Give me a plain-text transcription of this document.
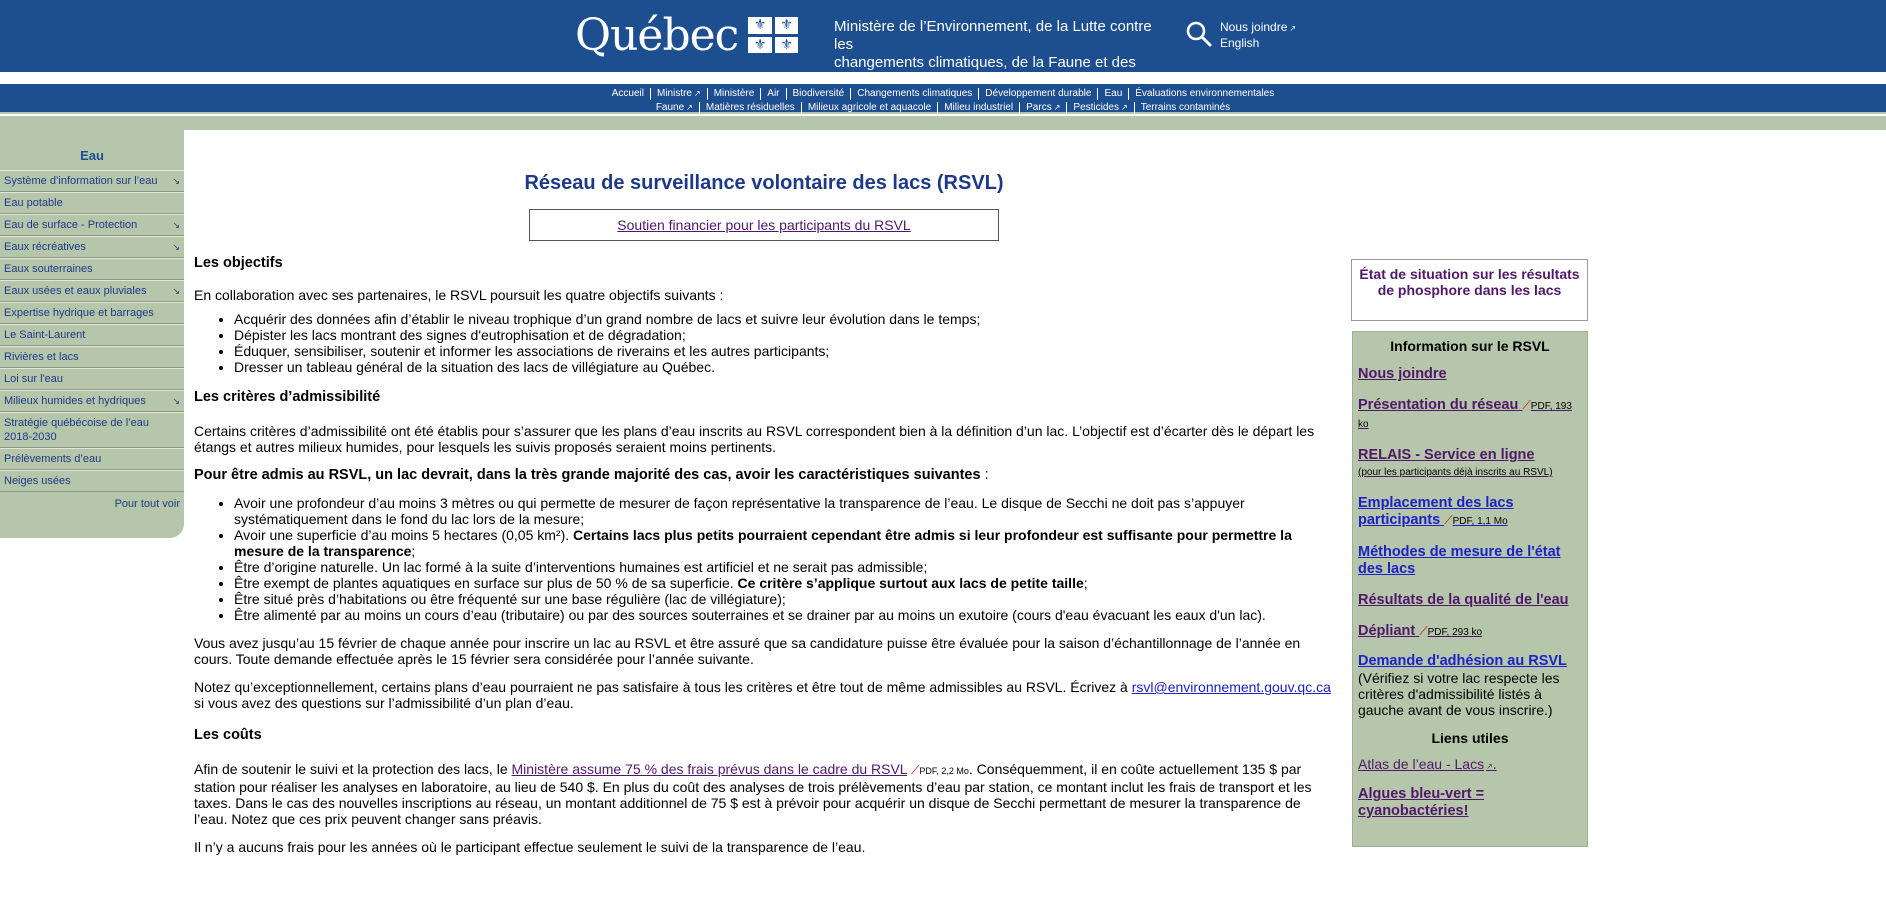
Québec	⚜ ⚜
⚜ ⚜
Ministère de l’Environnement, de la Lutte contre les
changements climatiques, de la Faune et des
Nous joindre ↗
English
Accueil Ministre ↗ Ministère Air Biodiversité Changements climatiques Développement durable Eau Évaluations environnementales
Faune ↗ Matières résiduelles Milieux agricole et aquacole Milieu industriel Parcs ↗ Pesticides ↗ Terrains contaminés
Eau
Système d’information sur l’eau ↘
Eau potable
Eau de surface - Protection	↘
Eaux récréatives	↘
Eaux souterraines
Eaux usées et eaux pluviales	↘
Expertise hydrique et barrages
Le Saint-Laurent
Rivières et lacs
Loi sur l'eau
Milieux humides et hydriques	↘
Stratégie québécoise de l’eau 2018-2030
Prélèvements d’eau
Neiges usées
Pour tout voir
Réseau de surveillance volontaire des lacs (RSVL)
Soutien financier pour les participants du RSVL
Les objectifs
En collaboration avec ses partenaires, le RSVL poursuit les quatre objectifs suivants :
• Acquérir des données afin d’établir le niveau trophique d’un grand nombre de lacs et suivre leur évolution dans le temps;
• Dépister les lacs montrant des signes d'eutrophisation et de dégradation;
• Éduquer, sensibiliser, soutenir et informer les associations de riverains et les autres participants;
• Dresser un tableau général de la situation des lacs de villégiature au Québec.
Les critères d’admissibilité
Certains critères d’admissibilité ont été établis pour s’assurer que les plans d’eau inscrits au RSVL correspondent bien à la définition d’un lac. L’objectif est d’écarter dès le départ les étangs et autres milieux humides, pour lesquels les suivis proposés seraient moins pertinents.
Pour être admis au RSVL, un lac devrait, dans la très grande majorité des cas, avoir les caractéristiques suivantes :
• Avoir une profondeur d’au moins 3 mètres ou qui permette de mesurer de façon représentative la transparence de l’eau. Le disque de Secchi ne doit pas s’appuyer systématiquement dans le fond du lac lors de la mesure;
• Avoir une superficie d’au moins 5 hectares (0,05 km²). Certains lacs plus petits pourraient cependant être admis si leur profondeur est suffisante pour permettre la mesure de la transparence;
• Être d’origine naturelle. Un lac formé à la suite d’interventions humaines est artificiel et ne serait pas admissible;
• Être exempt de plantes aquatiques en surface sur plus de 50 % de sa superficie. Ce critère s’applique surtout aux lacs de petite taille;
• Être situé près d’habitations ou être fréquenté sur une base régulière (lac de villégiature);
• Être alimenté par au moins un cours d’eau (tributaire) ou par des sources souterraines et se drainer par au moins un exutoire (cours d'eau évacuant les eaux d'un lac).
Vous avez jusqu’au 15 février de chaque année pour inscrire un lac au RSVL et être assuré que sa candidature puisse être évaluée pour la saison d’échantillonnage de l’année en cours. Toute demande effectuée après le 15 février sera considérée pour l’année suivante.
Notez qu’exceptionnellement, certains plans d’eau pourraient ne pas satisfaire à tous les critères et être tout de même admissibles au RSVL. Écrivez à rsvl@environnement.gouv.qc.ca si vous avez des questions sur l’admissibilité d’un plan d’eau.
Les coûts
Afin de soutenir le suivi et la protection des lacs, le Ministère assume 75 % des frais prévus dans le cadre du RSVL ⟋PDF, 2,2 Mo. Conséquemment, il en coûte actuellement 135 $ par station pour réaliser les analyses en laboratoire, au lieu de 540 $. En plus du coût des analyses de trois prélèvements d’eau par station, ce montant inclut les frais de transport et les taxes. Dans le cas des nouvelles inscriptions au réseau, un montant additionnel de 75 $ est à prévoir pour acquérir un disque de Secchi permettant de mesurer la transparence de l’eau. Notez que ces prix peuvent changer sans préavis.
Il n’y a aucuns frais pour les années où le participant effectue seulement le suivi de la transparence de l’eau.
État de situation sur les résultats de phosphore dans les lacs
Information sur le RSVL
Nous joindre
Présentation du réseau ⟋PDF, 193 ko
RELAIS - Service en ligne
(pour les participants déjà inscrits au RSVL)
Emplacement des lacs participants ⟋PDF, 1,1 Mo
Méthodes de mesure de l'état des lacs
Résultats de la qualité de l'eau
Dépliant ⟋PDF, 293 ko
Demande d'adhésion au RSVL
(Vérifiez si votre lac respecte les critères d'admissibilité listés à gauche avant de vous inscrire.)
Liens utiles
Atlas de l’eau - Lacs ↗.
Algues bleu-vert = cyanobactéries!
